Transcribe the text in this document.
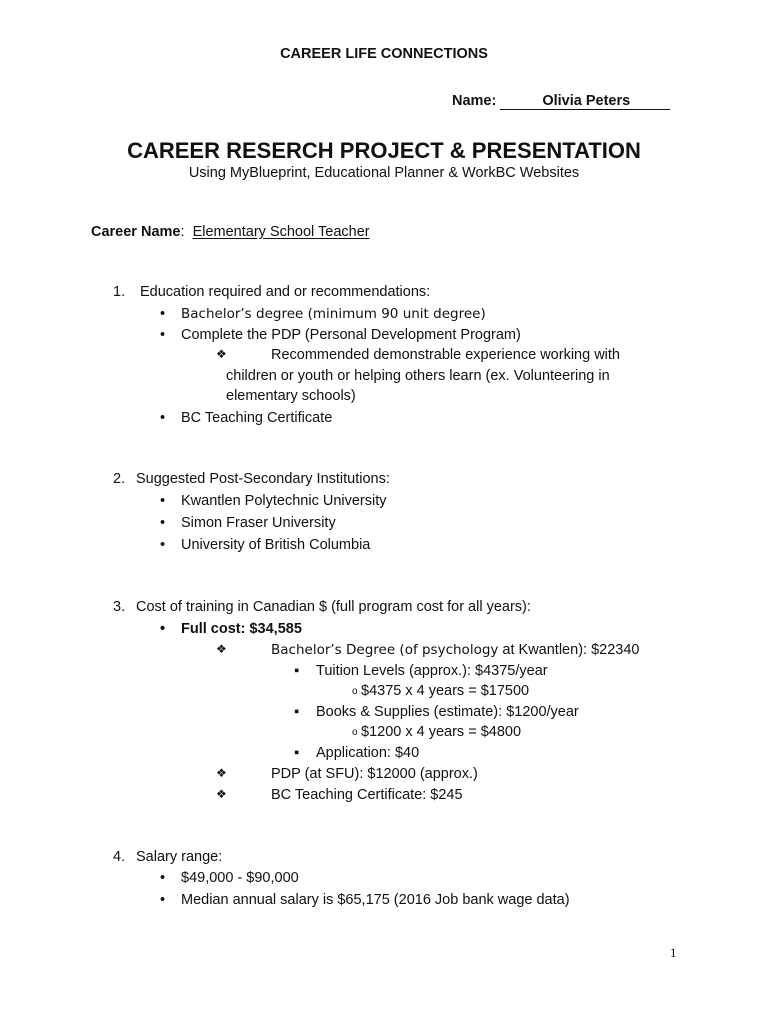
CAREER LIFE CONNECTIONS
Name:	Olivia Peters
CAREER RESERCH PROJECT & PRESENTATION
Using MyBlueprint, Educational Planner & WorkBC Websites
Career Name:  Elementary School Teacher
1. Education required and or recommendations:
• Bachelor’s degree (minimum 90 unit degree)
• Complete the PDP (Personal Development Program)
❖	Recommended demonstrable experience working with
children or youth or helping others learn (ex. Volunteering in
elementary schools)
• BC Teaching Certificate
2. Suggested Post-Secondary Institutions:
• Kwantlen Polytechnic University
• Simon Fraser University
• University of British Columbia
3. Cost of training in Canadian $ (full program cost for all years):
• Full cost: $34,585
❖	Bachelor’s Degree (of psychology at Kwantlen): $22340
▪ Tuition Levels (approx.): $4375/year
o $4375 x 4 years = $17500
▪ Books & Supplies (estimate): $1200/year
o $1200 x 4 years = $4800
▪ Application: $40
❖	PDP (at SFU): $12000 (approx.)
❖	BC Teaching Certificate: $245
4. Salary range:
• $49,000 - $90,000
• Median annual salary is $65,175 (2016 Job bank wage data)
1
